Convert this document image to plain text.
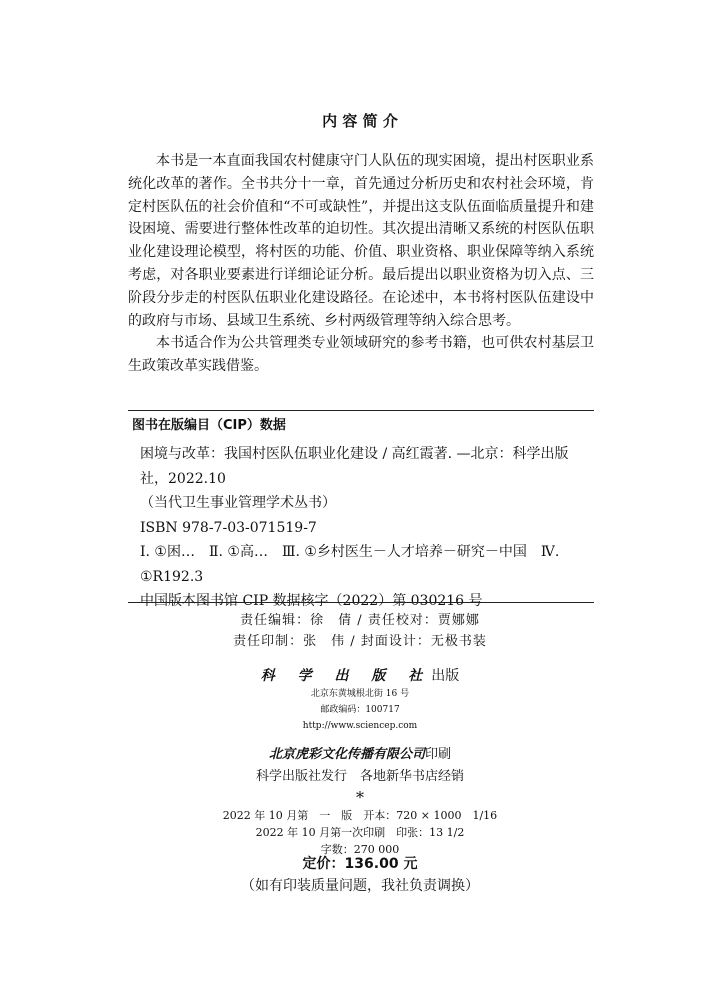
内 容 简 介

本书是一本直面我国农村健康守门人队伍的现实困境，提出村医职业系统化改革的著作。全书共分十一章，首先通过分析历史和农村社会环境，肯定村医队伍的社会价值和“不可或缺性”，并提出这支队伍面临质量提升和建设困境、需要进行整体性改革的迫切性。其次提出清晰又系统的村医队伍职业化建设理论模型，将村医的功能、价值、职业资格、职业保障等纳入系统考虑，对各职业要素进行详细论证分析。最后提出以职业资格为切入点、三阶段分步走的村医队伍职业化建设路径。在论述中，本书将村医队伍建设中的政府与市场、县域卫生系统、乡村两级管理等纳入综合思考。

本书适合作为公共管理类专业领域研究的参考书籍，也可供农村基层卫生政策改革实践借鉴。

图书在版编目（CIP）数据
困境与改革：我国村医队伍职业化建设 / 高红霞著. —北京：科学出版社，2022.10
（当代卫生事业管理学术丛书）
ISBN 978-7-03-071519-7
Ⅰ. ①困…　Ⅱ. ①高…　Ⅲ. ①乡村医生－人才培养－研究－中国　Ⅳ. ①R192.3
中国版本图书馆 CIP 数据核字（2022）第 030216 号
责任编辑：徐　倩 / 责任校对：贾娜娜
责任印制：张　伟 / 封面设计：无极书装
科 学 出 版 社出版
北京东黄城根北街 16 号
邮政编码：100717
http://www.sciencep.com
北京虎彩文化传播有限公司印刷
科学出版社发行　各地新华书店经销
*
2022 年 10 月第　一　版　开本：720 × 1000　1/16
2022 年 10 月第一次印刷　印张：13 1/2
字数：270 000
定价：136.00 元
（如有印装质量问题，我社负责调换）
